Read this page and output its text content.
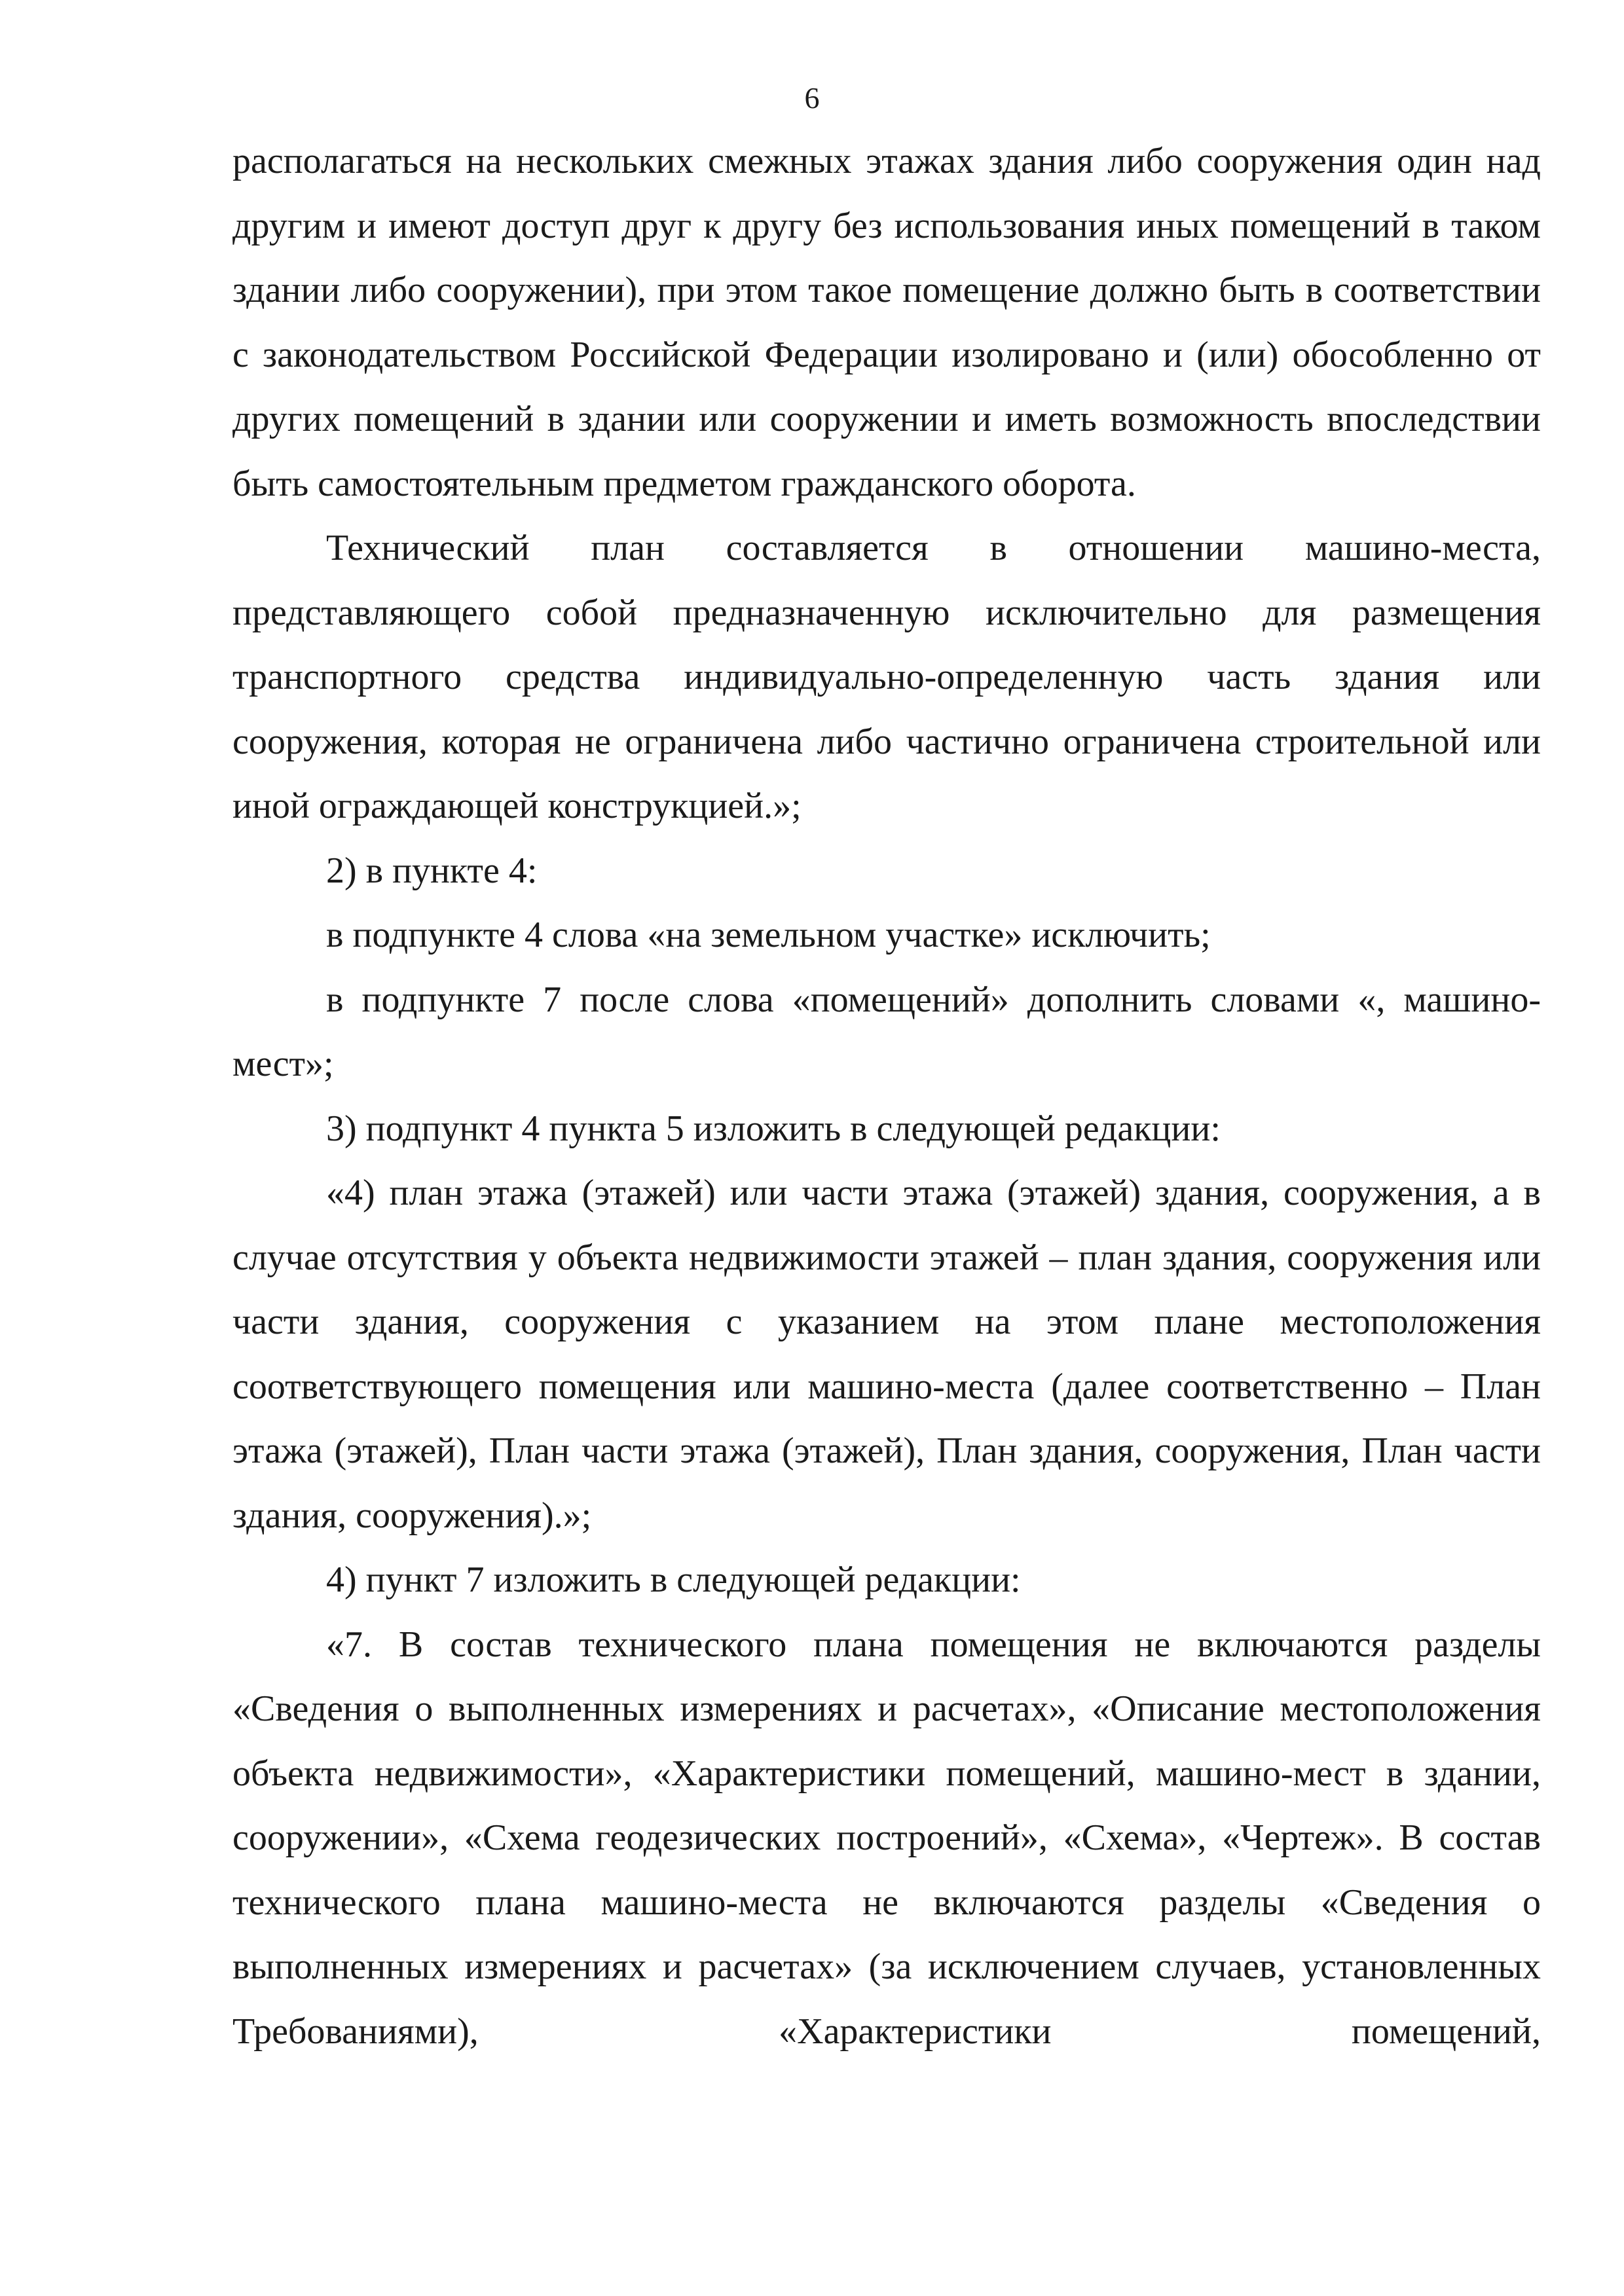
6

располагаться на нескольких смежных этажах здания либо сооружения один над другим и имеют доступ друг к другу без использования иных помещений в таком здании либо сооружении), при этом такое помещение должно быть в соответствии с законодательством Российской Федерации изолировано и (или) обособленно от других помещений в здании или сооружении и иметь возможность впоследствии быть самостоятельным предметом гражданского оборота.

Технический план составляется в отношении машино-места, представляющего собой предназначенную исключительно для размещения транспортного средства индивидуально-определенную часть здания или сооружения, которая не ограничена либо частично ограничена строительной или иной ограждающей конструкцией.»;

2) в пункте 4:

в подпункте 4 слова «на земельном участке» исключить;

в подпункте 7 после слова «помещений» дополнить словами «, машино-мест»;

3) подпункт 4 пункта 5 изложить в следующей редакции:

«4) план этажа (этажей) или части этажа (этажей) здания, сооружения, а в случае отсутствия у объекта недвижимости этажей – план здания, сооружения или части здания, сооружения с указанием на этом плане местоположения соответствующего помещения или машино-места (далее соответственно – План этажа (этажей), План части этажа (этажей), План здания, сооружения, План части здания, сооружения).»;

4) пункт 7 изложить в следующей редакции:

«7. В состав технического плана помещения не включаются разделы «Сведения о выполненных измерениях и расчетах», «Описание местоположения объекта недвижимости», «Характеристики помещений, машино-мест в здании, сооружении», «Схема геодезических построений», «Схема», «Чертеж». В состав технического плана машино-места не включаются разделы «Сведения о выполненных измерениях и расчетах» (за исключением случаев, установленных Требованиями), «Характеристики помещений,
